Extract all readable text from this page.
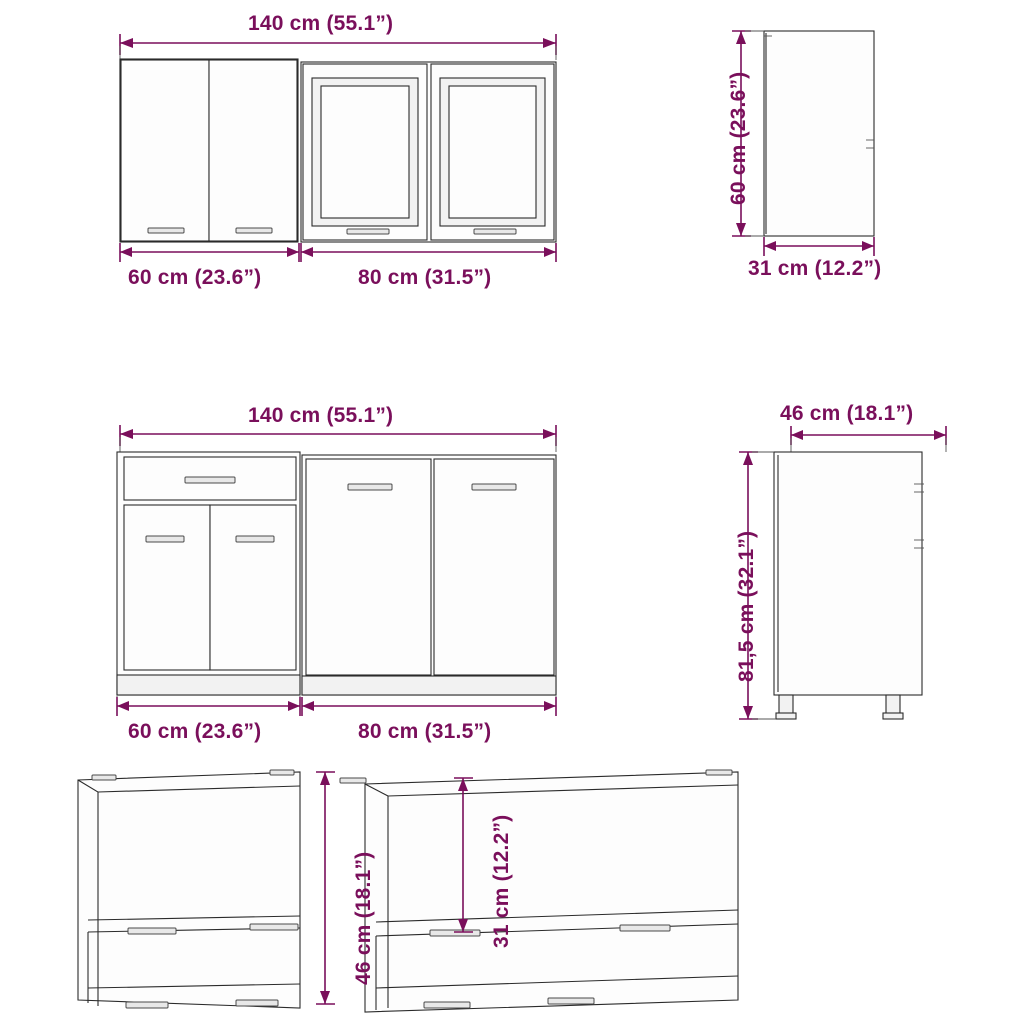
140 cm (55.1”)
60 cm (23.6”)	80 cm (31.5”)
60 cm (23.6”)
31 cm (12.2”)
140 cm (55.1”)
60 cm (23.6”)	80 cm (31.5”)
46 cm (18.1”)
81,5 cm (32.1”)
46 cm (18.1”)	31 cm (12.2”)
